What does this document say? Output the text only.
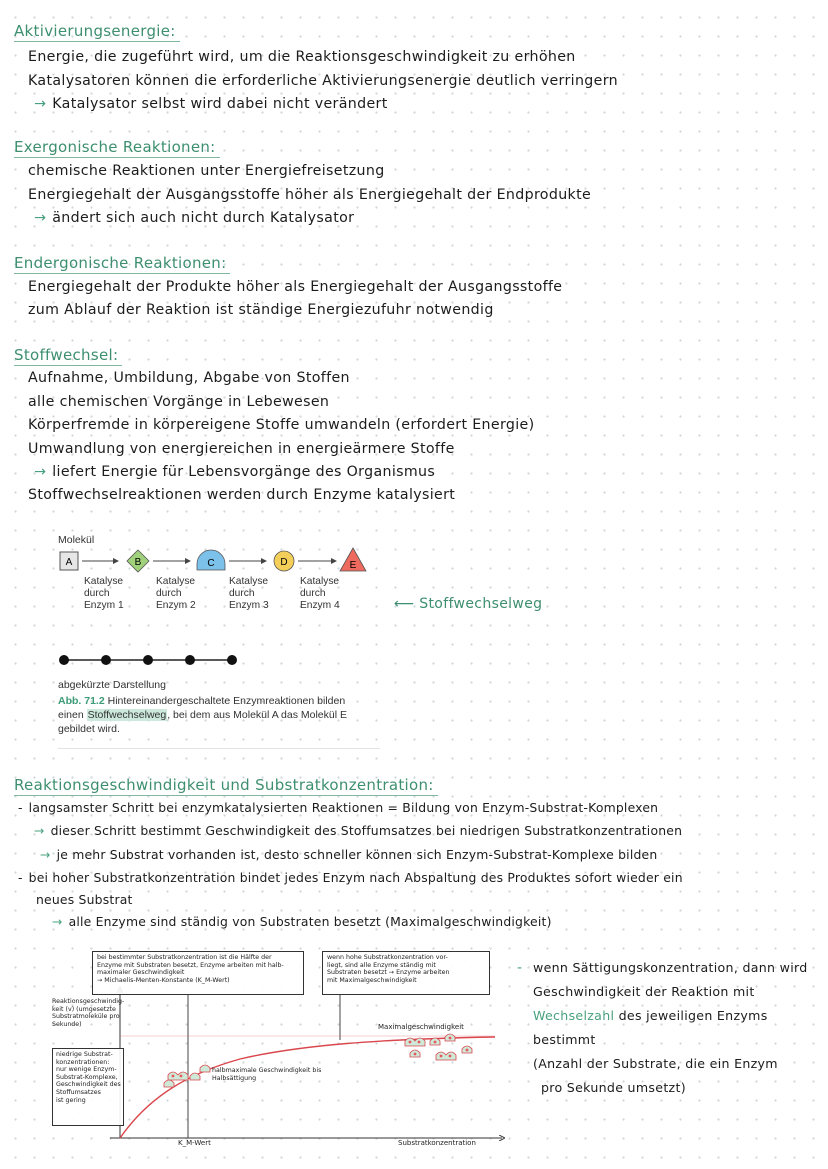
Aktivierungsenergie:
Energie, die zugeführt wird, um die Reaktionsgeschwindigkeit zu erhöhen
Katalysatoren können die erforderliche Aktivierungsenergie deutlich verringern
→ Katalysator selbst wird dabei nicht verändert
Exergonische Reaktionen:
chemische Reaktionen unter Energiefreisetzung
Energiegehalt der Ausgangsstoffe höher als Energiegehalt der Endprodukte
→ ändert sich auch nicht durch Katalysator
Endergonische Reaktionen:
Energiegehalt der Produkte höher als Energiegehalt der Ausgangsstoffe
zum Ablauf der Reaktion ist ständige Energiezufuhr notwendig
Stoffwechsel:
Aufnahme, Umbildung, Abgabe von Stoffen
alle chemischen Vorgänge in Lebewesen
Körperfremde in körpereigene Stoffe umwandeln (erfordert Energie)
Umwandlung von energiereichen in energieärmere Stoffe
→ liefert Energie für Lebensvorgänge des Organismus
Stoffwechselreaktionen werden durch Enzyme katalysiert
Molekül
A	B	C	D	E
Katalyse
durch
Enzym 1
Katalyse
durch
Enzym 2
Katalyse
durch
Enzym 3
Katalyse
durch
Enzym 4	⟵ Stoffwechselweg
abgekürzte Darstellung
Abb. 71.2 Hintereinandergeschaltete Enzymreaktionen bilden
einen Stoffwechselweg, bei dem aus Molekül A das Molekül E
gebildet wird.
Reaktionsgeschwindigkeit und Substratkonzentration:
- langsamster Schritt bei enzymkatalysierten Reaktionen = Bildung von Enzym-Substrat-Komplexen
→ dieser Schritt bestimmt Geschwindigkeit des Stoffumsatzes bei niedrigen Substratkonzentrationen
→ je mehr Substrat vorhanden ist, desto schneller können sich Enzym-Substrat-Komplexe bilden
- bei hoher Substratkonzentration bindet jedes Enzym nach Abspaltung des Produktes sofort wieder ein
neues Substrat
→ alle Enzyme sind ständig von Substraten besetzt (Maximalgeschwindigkeit)
Reaktionsgeschwindig-
keit (v) (umgesetzte
Substratmoleküle pro
Sekunde)
bei bestimmter Substratkonzentration ist die Hälfte der
Enzyme mit Substraten besetzt, Enzyme arbeiten mit halb-
maximaler Geschwindigkeit
→ Michaelis-Menten-Konstante (K_M-Wert)
wenn hohe Substratkonzentration vor-
liegt, sind alle Enzyme ständig mit
Substraten besetzt → Enzyme arbeiten
mit Maximalgeschwindigkeit
niedrige Substrat-
konzentrationen:
nur wenige Enzym-
Substrat-Komplexe,
Geschwindigkeit des
Stoffumsatzes
ist gering
Maximalgeschwindigkeit
halbmaximale Geschwindigkeit bis
Halbsättigung
K_M-Wert	Substratkonzentration
- wenn Sättigungskonzentration, dann wird
Geschwindigkeit der Reaktion mit
Wechselzahl des jeweiligen Enzyms
bestimmt
(Anzahl der Substrate, die ein Enzym
pro Sekunde umsetzt)
